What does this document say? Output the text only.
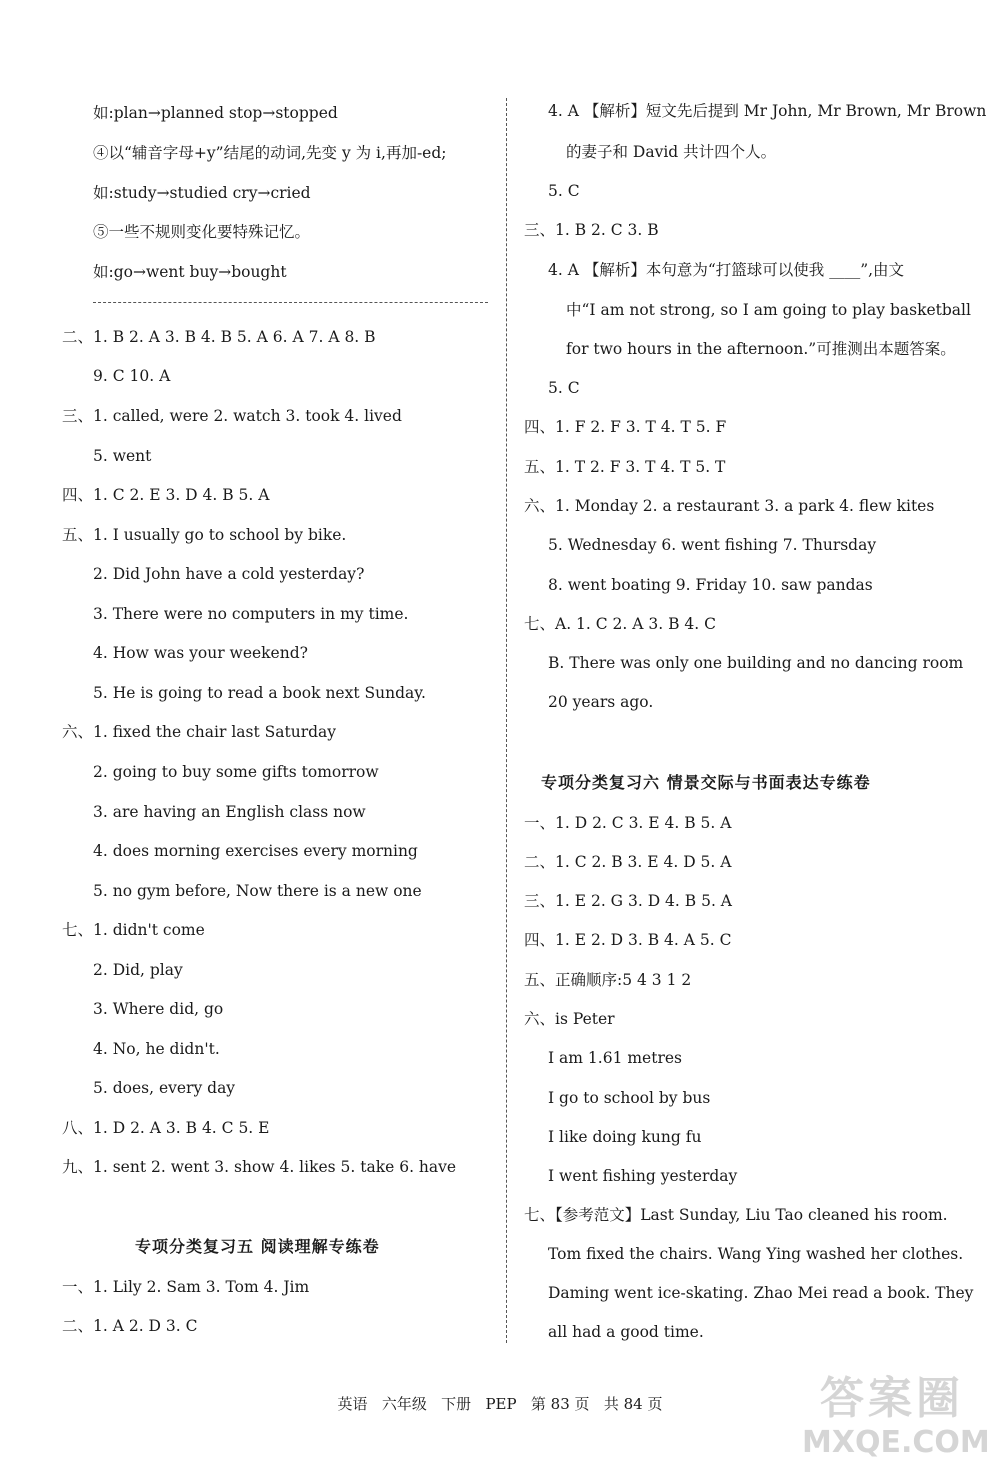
如:plan→planned stop→stopped
④以“辅音字母+y”结尾的动词,先变 y 为 i,再加-ed;
如:study→studied cry→cried
⑤一些不规则变化要特殊记忆。
如:go→went buy→bought
二、1. B 2. A 3. B 4. B 5. A 6. A 7. A 8. B
9. C 10. A
三、1. called, were 2. watch 3. took 4. lived
5. went
四、1. C 2. E 3. D 4. B 5. A
五、1. I usually go to school by bike.
2. Did John have a cold yesterday?
3. There were no computers in my time.
4. How was your weekend?
5. He is going to read a book next Sunday.
六、1. fixed the chair last Saturday
2. going to buy some gifts tomorrow
3. are having an English class now
4. does morning exercises every morning
5. no gym before, Now there is a new one
七、1. didn't come
2. Did, play
3. Where did, go
4. No, he didn't.
5. does, every day
八、1. D 2. A 3. B 4. C 5. E
九、1. sent 2. went 3. show 4. likes 5. take 6. have
专项分类复习五 阅读理解专练卷
一、1. Lily 2. Sam 3. Tom 4. Jim
二、1. A 2. D 3. C
4. A 【解析】短文先后提到 Mr John, Mr Brown, Mr Brown
的妻子和 David 共计四个人。
5. C
三、1. B 2. C 3. B
4. A 【解析】本句意为“打篮球可以使我 ____”,由文
中“I am not strong, so I am going to play basketball
for two hours in the afternoon.”可推测出本题答案。
5. C
四、1. F 2. F 3. T 4. T 5. F
五、1. T 2. F 3. T 4. T 5. T
六、1. Monday 2. a restaurant 3. a park 4. flew kites
5. Wednesday 6. went fishing 7. Thursday
8. went boating 9. Friday 10. saw pandas
七、A. 1. C 2. A 3. B 4. C
B. There was only one building and no dancing room
20 years ago.
专项分类复习六 情景交际与书面表达专练卷
一、1. D 2. C 3. E 4. B 5. A
二、1. C 2. B 3. E 4. D 5. A
三、1. E 2. G 3. D 4. B 5. A
四、1. E 2. D 3. B 4. A 5. C
五、正确顺序:5 4 3 1 2
六、is Peter
I am 1.61 metres
I go to school by bus
I like doing kung fu
I went fishing yesterday
七、【参考范文】Last Sunday, Liu Tao cleaned his room.
Tom fixed the chairs. Wang Ying washed her clothes.
Daming went ice-skating. Zhao Mei read a book. They
all had a good time.
英语   六年级   下册   PEP   第 83 页   共 84 页	答案圈
MXQE.COM
